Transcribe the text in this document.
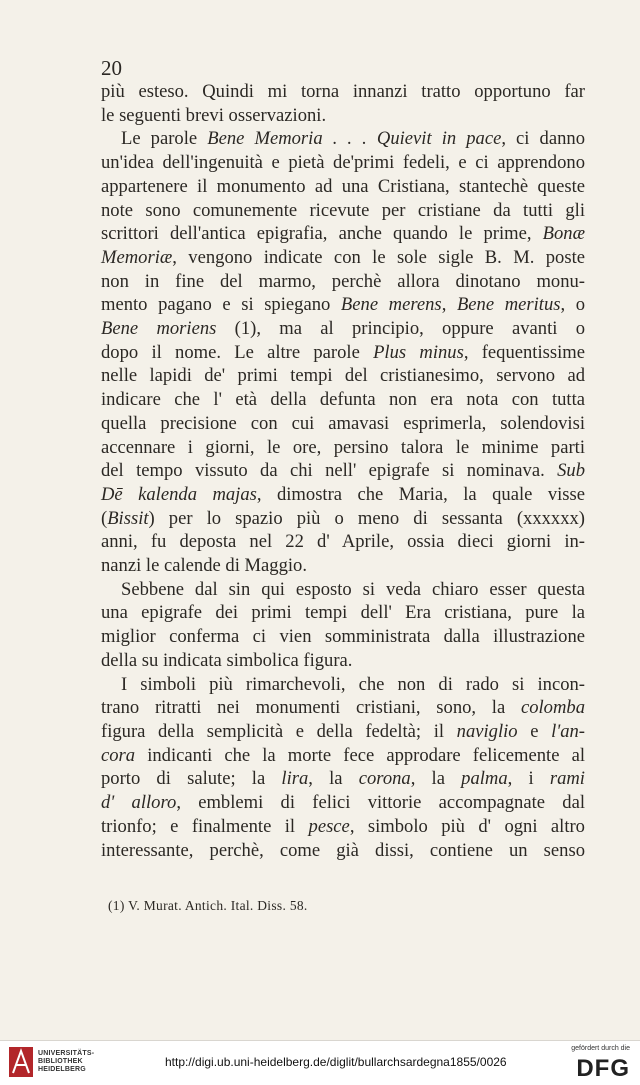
20
più esteso. Quindi mi torna innanzi tratto opportuno far
le seguenti brevi osservazioni.
Le parole Bene Memoria . . . Quievit in pace, ci danno
un'idea dell'ingenuità e pietà de'primi fedeli, e ci apprendono
appartenere il monumento ad una Cristiana, stantechè queste
note sono comunemente ricevute per cristiane da tutti gli
scrittori dell'antica epigrafia, anche quando le prime, Bonæ
Memoriæ, vengono indicate con le sole sigle B. M. poste
non in fine del marmo, perchè allora dinotano monu-
mento pagano e si spiegano Bene merens, Bene meritus, o
Bene moriens (1), ma al principio, oppure avanti o
dopo il nome. Le altre parole Plus minus, fequentissime
nelle lapidi de' primi tempi del cristianesimo, servono ad
indicare che l' età della defunta non era nota con tutta
quella precisione con cui amavasi esprimerla, solendovisi
accennare i giorni, le ore, persino talora le minime parti
del tempo vissuto da chi nell' epigrafe si nominava. Sub
Dē kalenda majas, dimostra che Maria, la quale visse
(Bissit) per lo spazio più o meno di sessanta (xxxxxx)
anni, fu deposta nel 22 d' Aprile, ossia dieci giorni in-
nanzi le calende di Maggio.
Sebbene dal sin qui esposto si veda chiaro esser questa
una epigrafe dei primi tempi dell' Era cristiana, pure la
miglior conferma ci vien somministrata dalla illustrazione
della su indicata simbolica figura.
I simboli più rimarchevoli, che non di rado si incon-
trano ritratti nei monumenti cristiani, sono, la colomba
figura della semplicità e della fedeltà; il naviglio e l'an-
cora indicanti che la morte fece approdare felicemente al
porto di salute; la lira, la corona, la palma, i rami
d' alloro, emblemi di felici vittorie accompagnate dal
trionfo; e finalmente il pesce, simbolo più d' ogni altro
interessante, perchè, come già dissi, contiene un senso
(1) V. Murat. Antich. Ital. Diss. 58.
UNIVERSITÄTS-
BIBLIOTHEK
HEIDELBERG
http://digi.ub.uni-heidelberg.de/diglit/bullarchsardegna1855/0026
gefördert durch die
DFG
